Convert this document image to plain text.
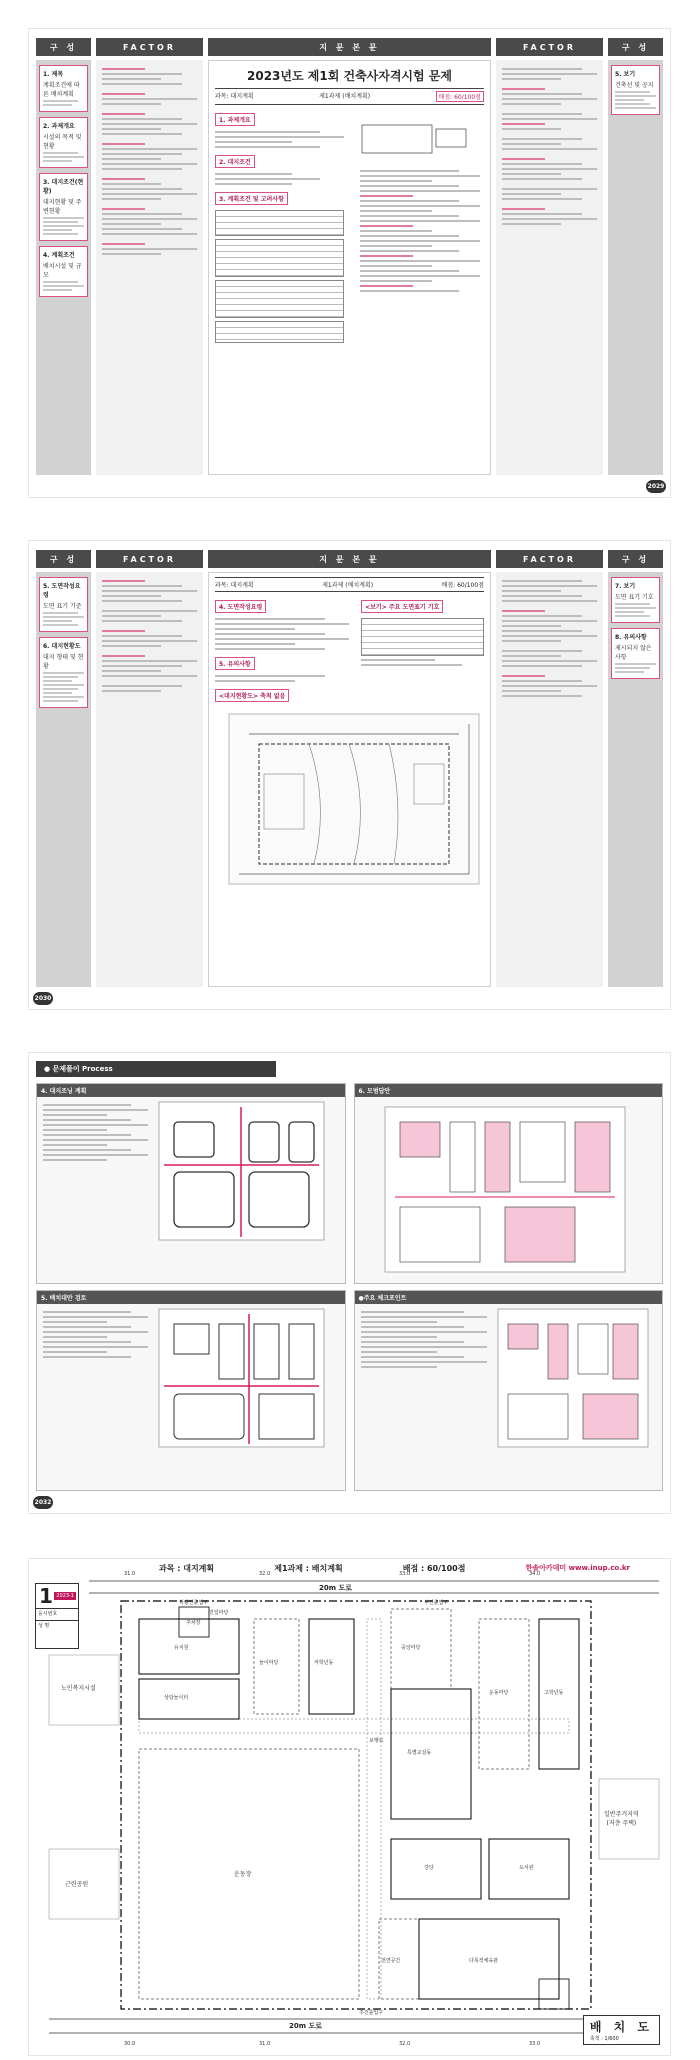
구 성	FACTOR	지 문 본 문	FACTOR	구 성
1. 제목
계획조건에 따른 배치계획
2. 과제개요
시설의 목적 및 현황
3. 대지조건(현황)
대지현황 및 주변현황
4. 계획조건
배치시설 및 규모
2023년도 제1회 건축사자격시험 문제
과목: 대지계획	제1과제 (배치계획)	배점: 60/100점
1. 과제개요
2. 대지조건
3. 계획조건 및 고려사항
5. 보기
건축선 및 공지
2029
구 성	FACTOR	지 문 본 문	FACTOR	구 성
5. 도면작성요령
도면 표기 기준
6. 대지현황도
대지 형태 및 현황
과목: 대지계획	제1과제 (배치계획)	배점: 60/100점
4. 도면작성요령
5. 유의사항
<보기> 주요 도면표기 기호
<대지현황도> 축척 없음
7. 보기
도면 표기 기호
8. 유의사항
제시되지 않은 사항
2030
● 문제풀이 Process
4. 대지조닝 계획
5. 배치대안 검토
6. 모범답안
●주요 체크포인트
2032
과목 : 대지계획	제1과제 : 배치계획	배점 : 60/100점	한솔아카데미 www.inup.co.kr
1 2023-1
응시번호
성 명
31.0	32.0	33.0	34.0
30.0	31.0	32.0	33.0
20m 도로
20m 도로
노인복지시설
근린공원
일반주거지역
(저층 주택)
유치원
놀이마당	저학년동
중앙마당
특별교실동
운동마당	고학년동
상담놀이터
주차장
강당	도서관
운동장
다목적체육관
전면공간
보행로
진입마당
주진출입구
부진출입구
차량진출입구
배 치 도
축척 : 1/600
